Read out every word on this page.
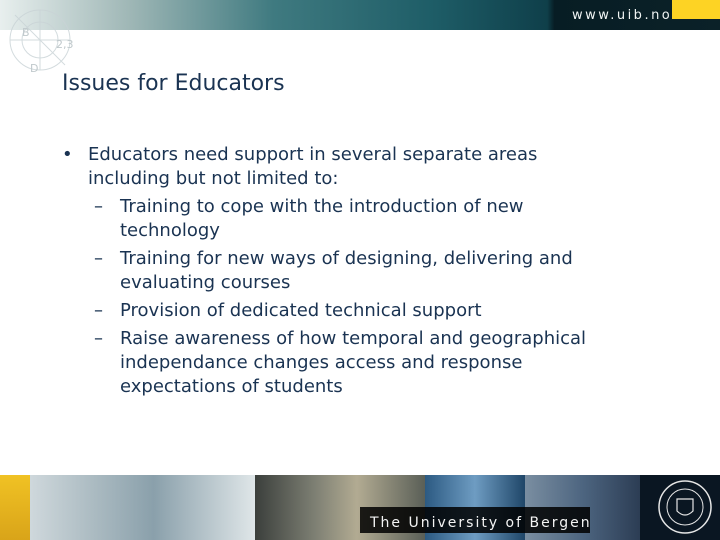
www.uib.no
B
2,3
D
Issues for Educators
• Educators need support in several separate areas including but not limited to:
– Training to cope with the introduction of new technology
– Training for new ways of designing, delivering and evaluating courses
– Provision of dedicated technical support
– Raise awareness of how temporal and geographical independance changes access and response expectations of students
The University of Bergen
